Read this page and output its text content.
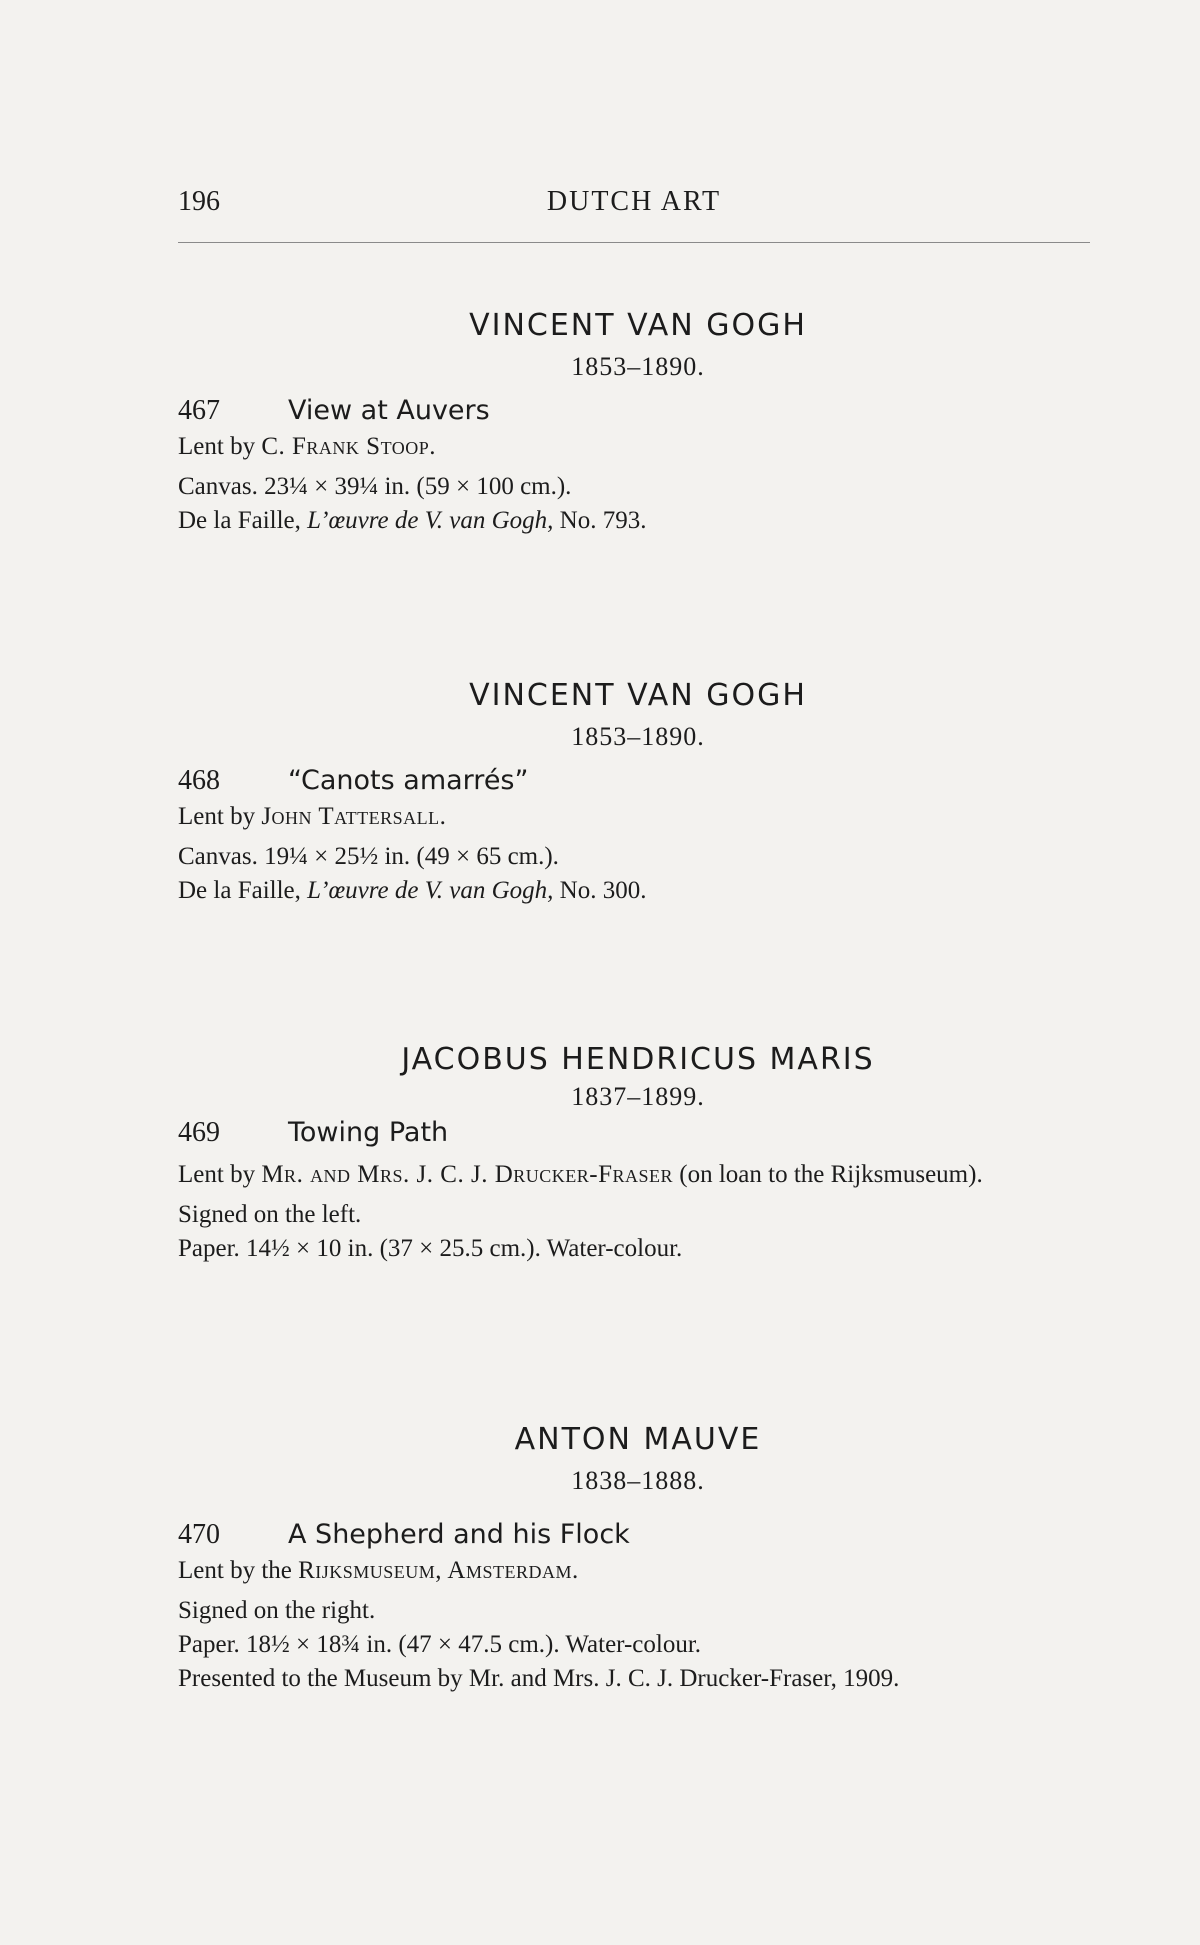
196	DUTCH ART
VINCENT VAN GOGH
1853–1890.
467	View at Auvers
Lent by C. Frank Stoop.
Canvas. 23¼ × 39¼ in. (59 × 100 cm.).
De la Faille, L’œuvre de V. van Gogh, No. 793.
VINCENT VAN GOGH
1853–1890.
468	“Canots amarrés”
Lent by John Tattersall.
Canvas. 19¼ × 25½ in. (49 × 65 cm.).
De la Faille, L’œuvre de V. van Gogh, No. 300.
JACOBUS HENDRICUS MARIS
1837–1899.
469	Towing Path
Lent by Mr. and Mrs. J. C. J. Drucker-Fraser (on loan to the Rijksmuseum).
Signed on the left.
Paper. 14½ × 10 in. (37 × 25.5 cm.). Water-colour.
ANTON MAUVE
1838–1888.
470	A Shepherd and his Flock
Lent by the Rijksmuseum, Amsterdam.
Signed on the right.
Paper. 18½ × 18¾ in. (47 × 47.5 cm.). Water-colour.
Presented to the Museum by Mr. and Mrs. J. C. J. Drucker-Fraser, 1909.
